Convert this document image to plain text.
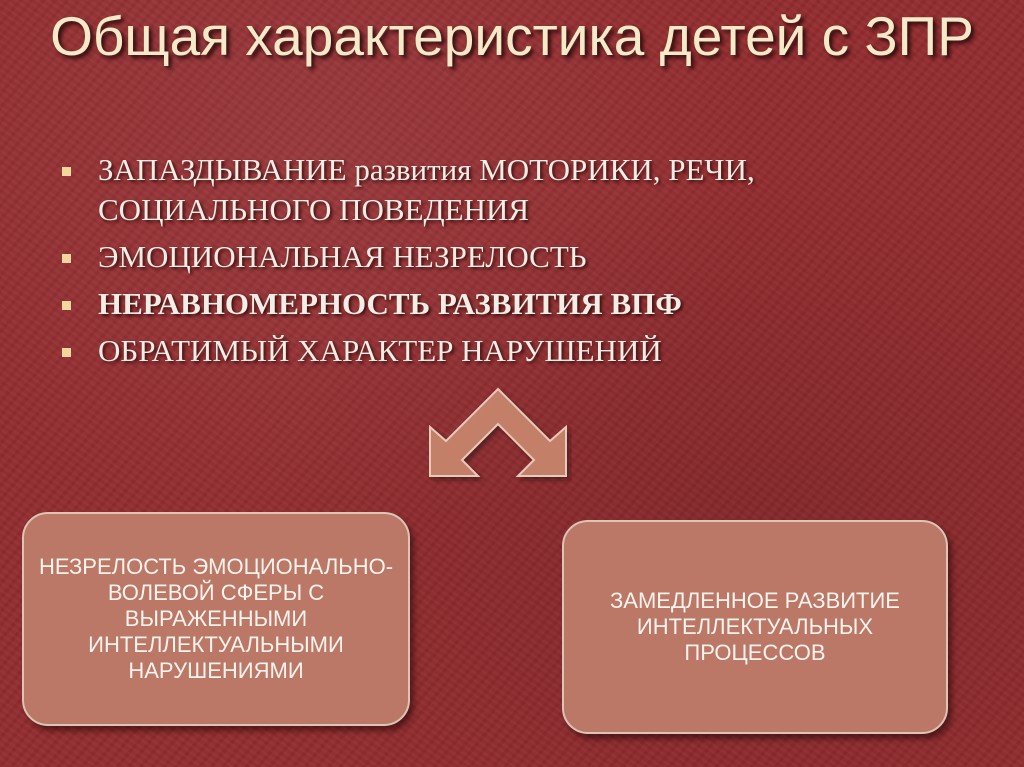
Общая характеристика детей с ЗПР
ЗАПАЗДЫВАНИЕ развития МОТОРИКИ, РЕЧИ, СОЦИАЛЬНОГО ПОВЕДЕНИЯ
ЭМОЦИОНАЛЬНАЯ НЕЗРЕЛОСТЬ
НЕРАВНОМЕРНОСТЬ РАЗВИТИЯ ВПФ
ОБРАТИМЫЙ ХАРАКТЕР НАРУШЕНИЙ
НЕЗРЕЛОСТЬ ЭМОЦИОНАЛЬНО-ВОЛЕВОЙ СФЕРЫ С ВЫРАЖЕННЫМИ ИНТЕЛЛЕКТУАЛЬНЫМИ НАРУШЕНИЯМИ
ЗАМЕДЛЕННОЕ РАЗВИТИЕ ИНТЕЛЛЕКТУАЛЬНЫХ ПРОЦЕССОВ
